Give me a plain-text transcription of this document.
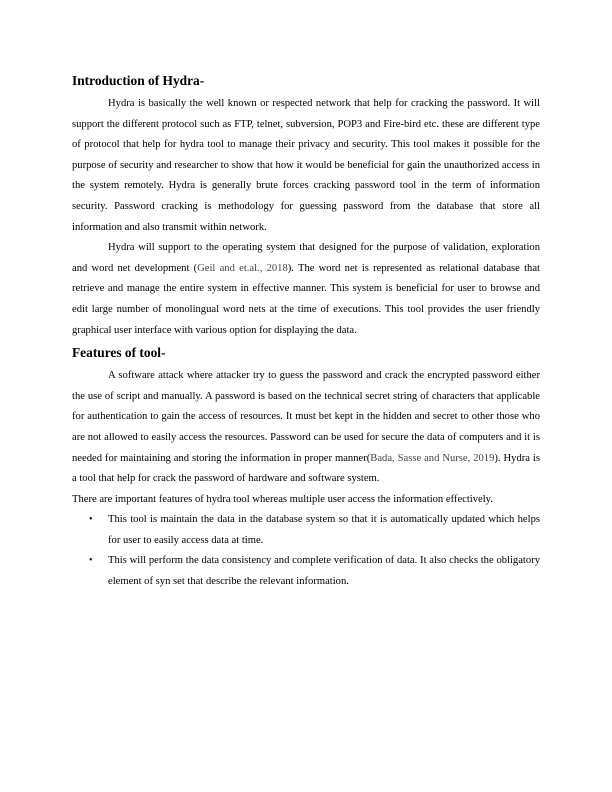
Introduction of Hydra-

Hydra is basically the well known or respected network that help for cracking the password. It will support the different protocol such as FTP, telnet, subversion, POP3 and Fire-bird etc. these are different type of protocol that help for hydra tool to manage their privacy and security. This tool makes it possible for the purpose of security and researcher to show that how it would be beneficial for gain the unauthorized access in the system remotely. Hydra is generally brute forces cracking password tool in the term of information security. Password cracking is methodology for guessing password from the database that store all information and also transmit within network.

Hydra will support to the operating system that designed for the purpose of validation, exploration and word net development (Geil and et.al., 2018). The word net is represented as relational database that retrieve and manage the entire system in effective manner. This system is beneficial for user to browse and edit large number of monolingual word nets at the time of executions. This tool provides the user friendly graphical user interface with various option for displaying the data.

Features of tool-

A software attack where attacker try to guess the password and crack the encrypted password either the use of script and manually. A password is based on the technical secret string of characters that applicable for authentication to gain the access of resources. It must bet kept in the hidden and secret to other those who are not allowed to easily access the resources. Password can be used for secure the data of computers and it is needed for maintaining and storing the information in proper manner(Bada, Sasse and Nurse, 2019). Hydra is a tool that help for crack the password of hardware and software system.

There are important features of hydra tool whereas multiple user access the information effectively.

• This tool is maintain the data in the database system so that it is automatically updated which helps for user to easily access data at time.
• This will perform the data consistency and complete verification of data. It also checks the obligatory element of syn set that describe the relevant information.
